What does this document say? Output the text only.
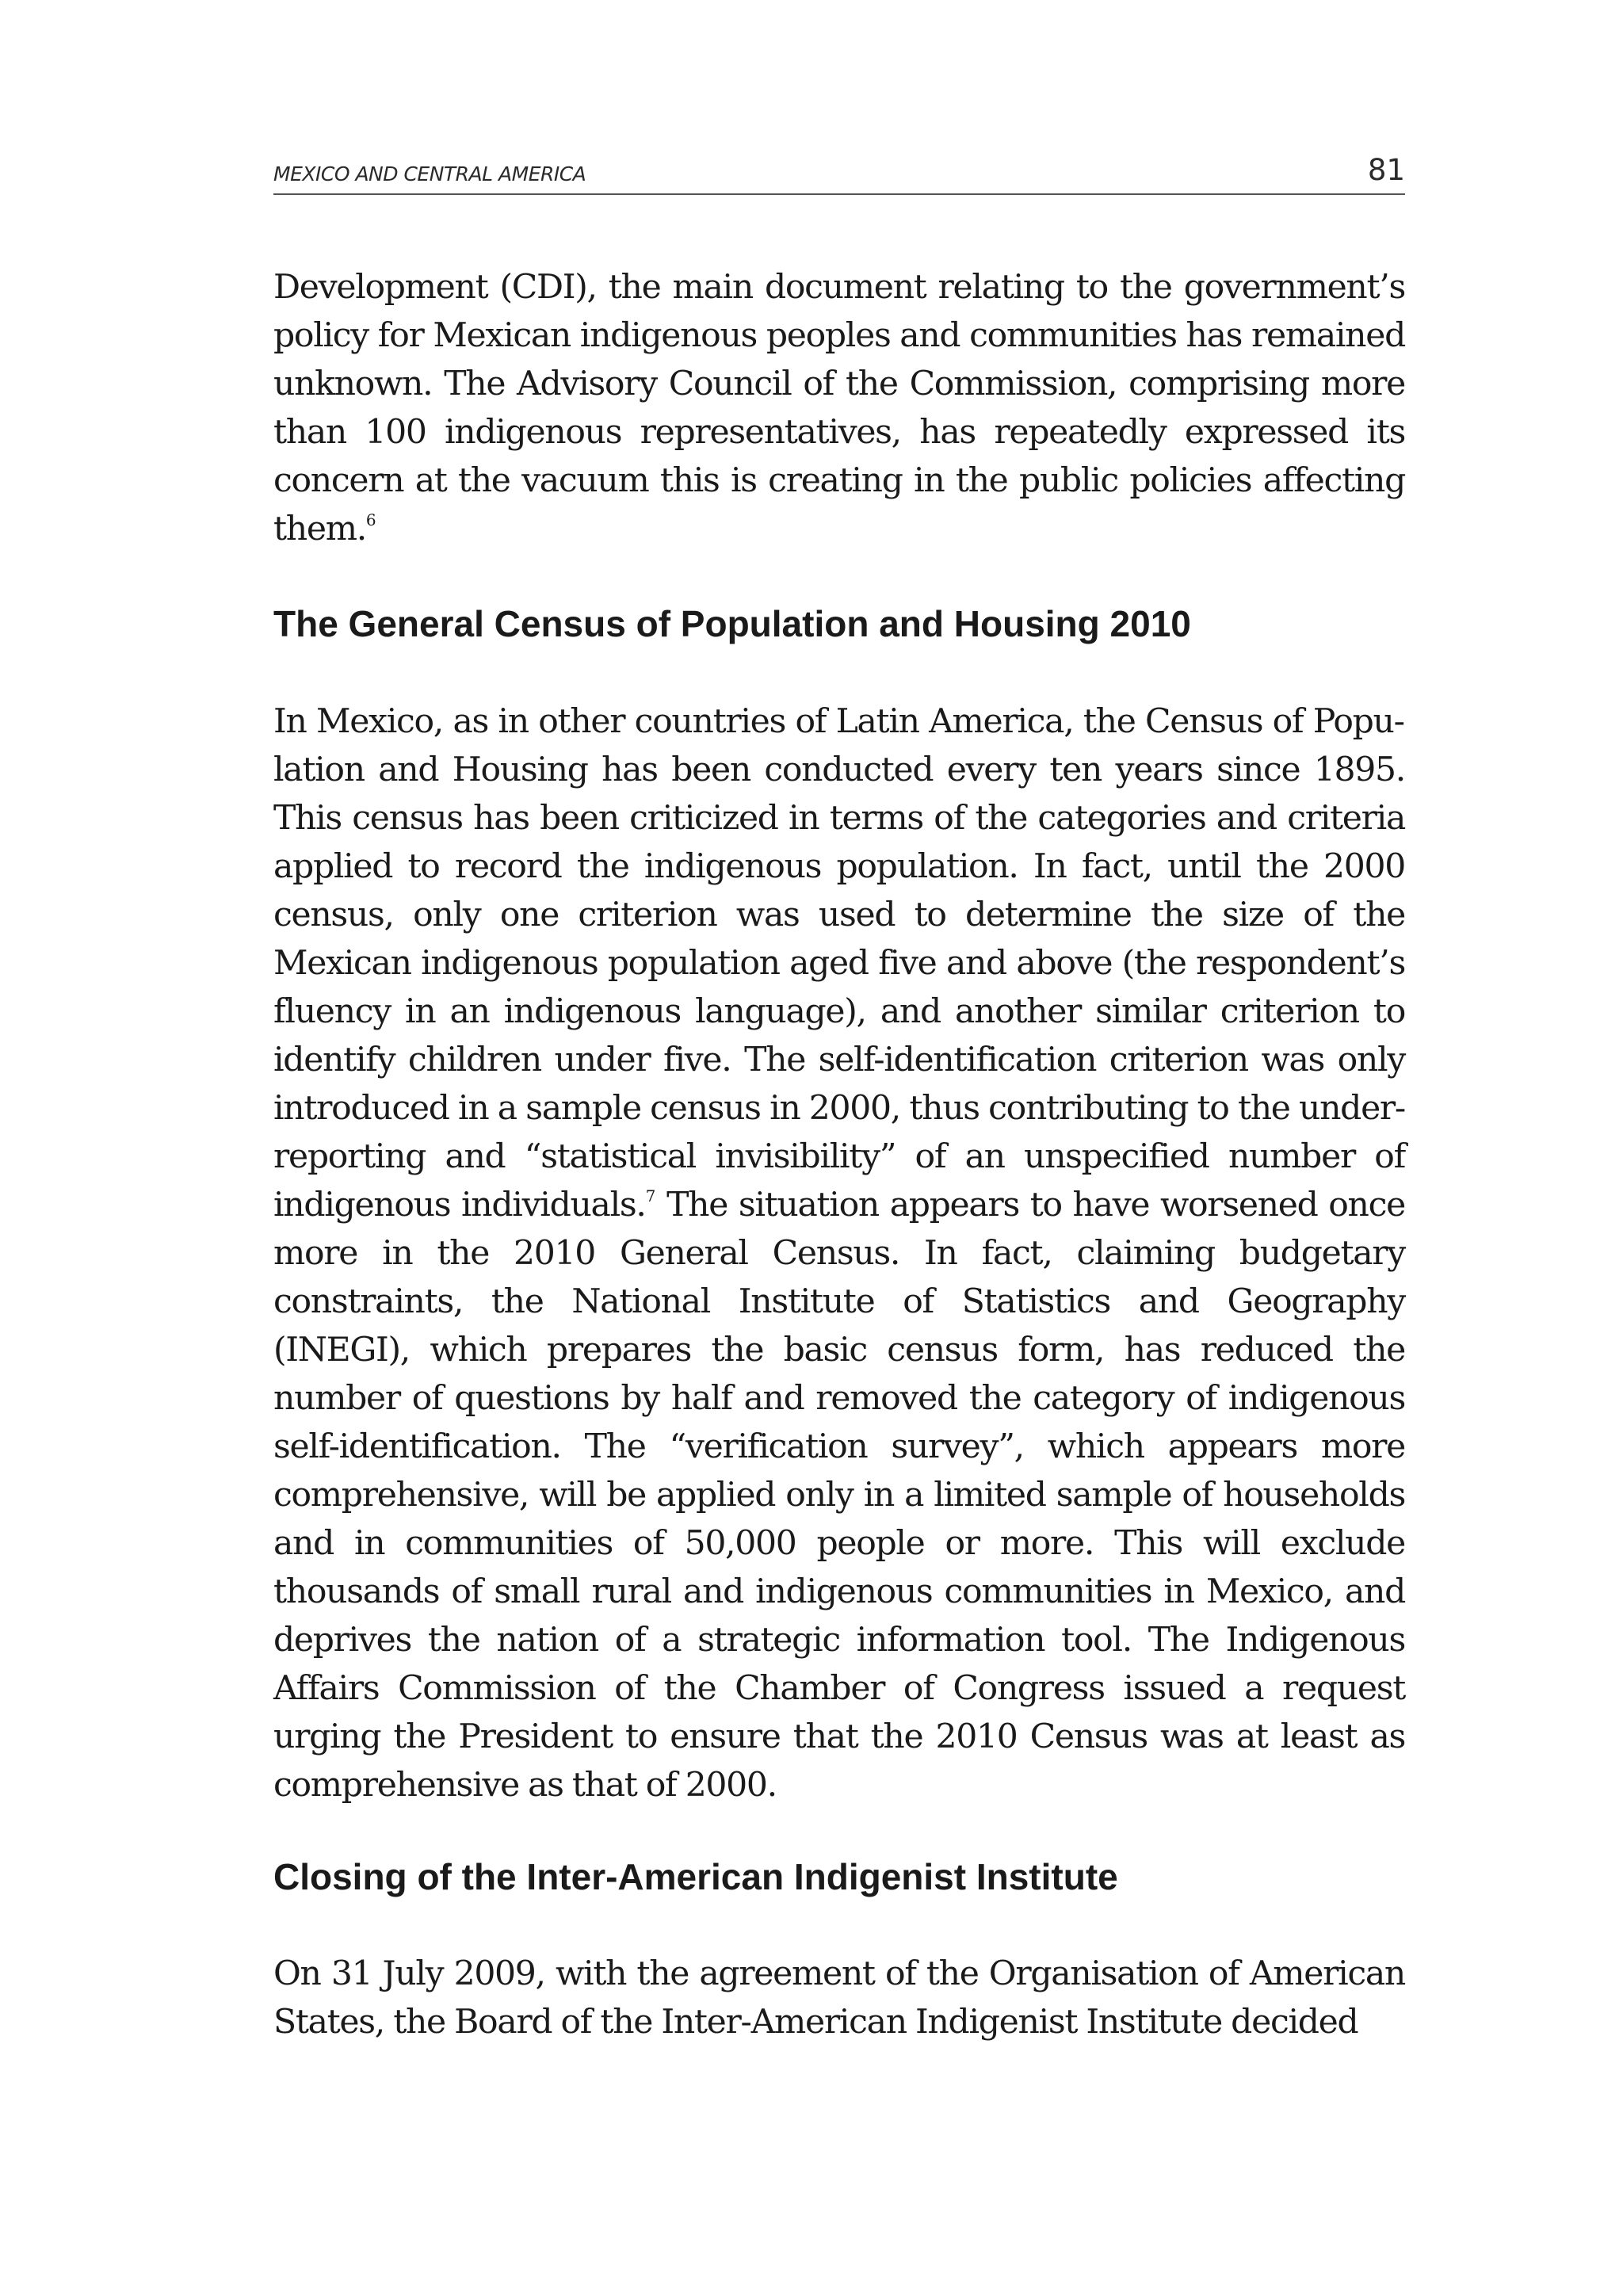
MEXICO AND CENTRAL AMERICA	81

Development (CDI), the main document relating to the government’s policy for Mexican indigenous peoples and communities has remained unknown. The Advisory Council of the Commission, comprising more than 100 indigenous representatives, has repeatedly expressed its concern at the vacuum this is creating in the public policies affecting them.$^6$

The General Census of Population and Housing 2010

In Mexico, as in other countries of Latin America, the Census of Population and Housing has been conducted every ten years since 1895. This census has been criticized in terms of the categories and criteria applied to record the indigenous population. In fact, until the 2000 census, only one criterion was used to determine the size of the Mexican indigenous population aged five and above (the respondent’s fluency in an indigenous language), and another similar criterion to identify children under five. The self-identification criterion was only introduced in a sample census in 2000, thus contributing to the under-reporting and “statistical invisibility” of an unspecified number of indigenous individuals.$^7$ The situation appears to have worsened once more in the 2010 General Census. In fact, claiming budgetary constraints, the National Institute of Statistics and Geography (INEGI), which prepares the basic census form, has reduced the number of questions by half and removed the category of indigenous self-identification. The “verification survey”, which appears more comprehensive, will be applied only in a limited sample of households and in communities of 50,000 people or more. This will exclude thousands of small rural and indigenous communities in Mexico, and deprives the nation of a strategic information tool. The Indigenous Affairs Commission of the Chamber of Congress issued a request urging the President to ensure that the 2010 Census was at least as comprehensive as that of 2000.

Closing of the Inter-American Indigenist Institute

On 31 July 2009, with the agreement of the Organisation of American States, the Board of the Inter-American Indigenist Institute decided
